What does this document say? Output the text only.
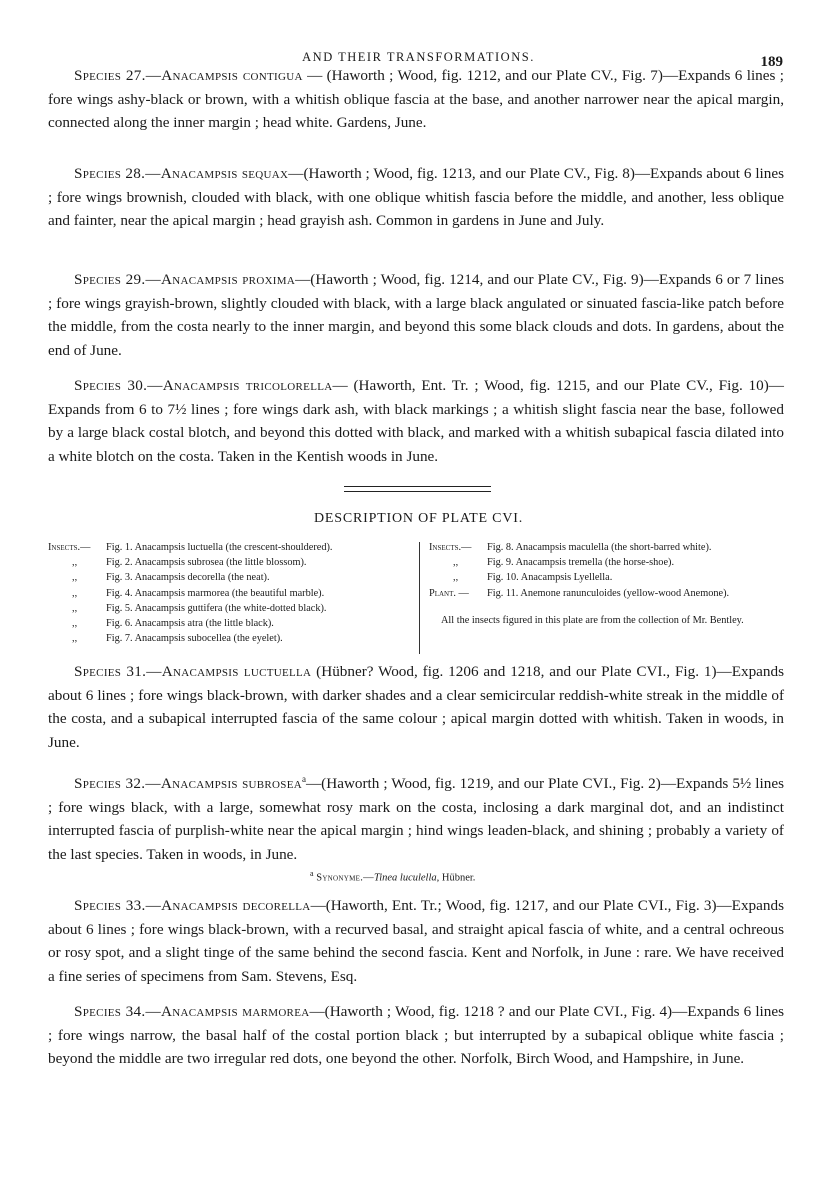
AND THEIR TRANSFORMATIONS.	189

Species 27.—Anacampsis contigua — (Haworth ; Wood, fig. 1212, and our Plate CV., Fig. 7)—Expands 6 lines ; fore wings ashy-black or brown, with a whitish oblique fascia at the base, and another narrower near the apical margin, connected along the inner margin ; head white. Gardens, June.

Species 28.—Anacampsis sequax—(Haworth ; Wood, fig. 1213, and our Plate CV., Fig. 8)—Expands about 6 lines ; fore wings brownish, clouded with black, with one oblique whitish fascia before the middle, and another, less oblique and fainter, near the apical margin ; head grayish ash. Common in gardens in June and July.

Species 29.—Anacampsis proxima—(Haworth ; Wood, fig. 1214, and our Plate CV., Fig. 9)—Expands 6 or 7 lines ; fore wings grayish-brown, slightly clouded with black, with a large black angulated or sinuated fascia-like patch before the middle, from the costa nearly to the inner margin, and beyond this some black clouds and dots. In gardens, about the end of June.

Species 30.—Anacampsis tricolorella— (Haworth, Ent. Tr. ; Wood, fig. 1215, and our Plate CV., Fig. 10)—Expands from 6 to 7½ lines ; fore wings dark ash, with black markings ; a whitish slight fascia near the base, followed by a large black costal blotch, and beyond this dotted with black, and marked with a whitish subapical fascia dilated into a white blotch on the costa. Taken in the Kentish woods in June.

DESCRIPTION OF PLATE CVI.
Insects.— Fig. 1. Anacampsis luctuella (the crescent-shouldered).
,,	Fig. 2. Anacampsis subrosea (the little blossom).
,,	Fig. 3. Anacampsis decorella (the neat).
,,	Fig. 4. Anacampsis marmorea (the beautiful marble).
,,	Fig. 5. Anacampsis guttifera (the white-dotted black).
,,	Fig. 6. Anacampsis atra (the little black).
,,	Fig. 7. Anacampsis subocellea (the eyelet).
Insects.— Fig. 8. Anacampsis maculella (the short-barred white).
,,	Fig. 9. Anacampsis tremella (the horse-shoe).
,,	Fig. 10. Anacampsis Lyellella.
Plant. — Fig. 11. Anemone ranunculoides (yellow-wood Anemone).
All the insects figured in this plate are from the collection of Mr. Bentley.

Species 31.—Anacampsis luctuella (Hübner? Wood, fig. 1206 and 1218, and our Plate CVI., Fig. 1)—Expands about 6 lines ; fore wings black-brown, with darker shades and a clear semicircular reddish-white streak in the middle of the costa, and a subapical interrupted fascia of the same colour ; apical margin dotted with whitish. Taken in woods, in June.

Species 32.—Anacampsis subrosea$^a$—(Haworth ; Wood, fig. 1219, and our Plate CVI., Fig. 2)—Expands 5½ lines ; fore wings black, with a large, somewhat rosy mark on the costa, inclosing a dark marginal dot, and an indistinct interrupted fascia of purplish-white near the apical margin ; hind wings leaden-black, and shining ; probably a variety of the last species. Taken in woods, in June.

$^a$ Synonyme.—Tinea luculella, Hübner.

Species 33.—Anacampsis decorella—(Haworth, Ent. Tr.; Wood, fig. 1217, and our Plate CVI., Fig. 3)—Expands about 6 lines ; fore wings black-brown, with a recurved basal, and straight apical fascia of white, and a central ochreous or rosy spot, and a slight tinge of the same behind the second fascia. Kent and Norfolk, in June : rare. We have received a fine series of specimens from Sam. Stevens, Esq.

Species 34.—Anacampsis marmorea—(Haworth ; Wood, fig. 1218 ? and our Plate CVI., Fig. 4)—Expands 6 lines ; fore wings narrow, the basal half of the costal portion black ; but interrupted by a subapical oblique white fascia ; beyond the middle are two irregular red dots, one beyond the other. Norfolk, Birch Wood, and Hampshire, in June.
